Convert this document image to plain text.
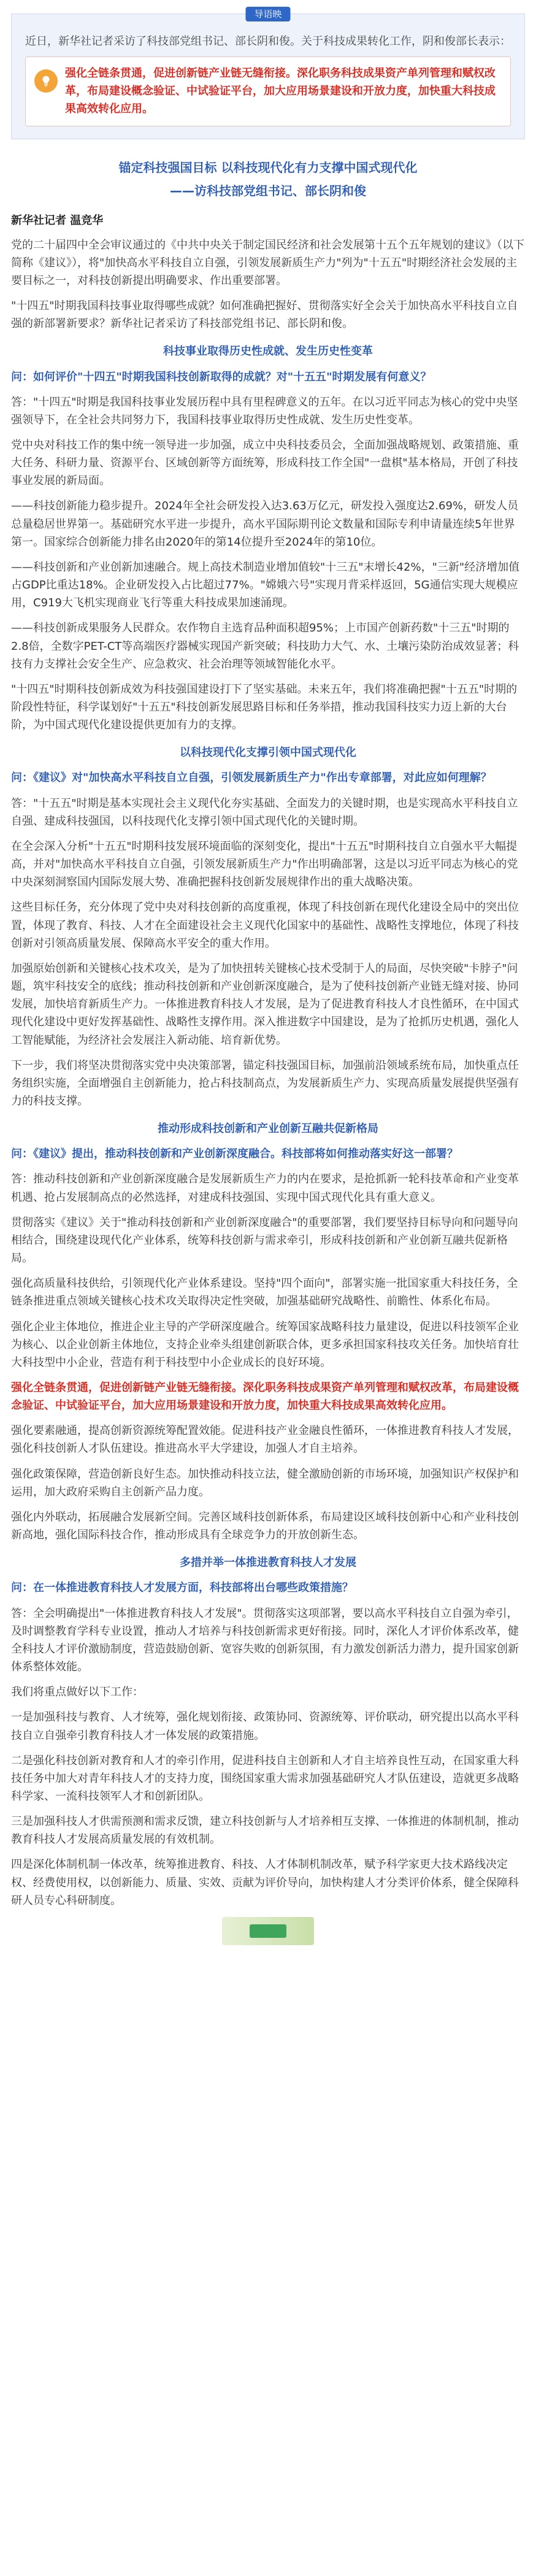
导语映

近日，新华社记者采访了科技部党组书记、部长阴和俊。关于科技成果转化工作，阴和俊部长表示：

强化全链条贯通，促进创新链产业链无缝衔接。深化职务科技成果资产单列管理和赋权改革，布局建设概念验证、中试验证平台，加大应用场景建设和开放力度，加快重大科技成果高效转化应用。

锚定科技强国目标 以科技现代化有力支撑中国式现代化
——访科技部党组书记、部长阴和俊

新华社记者 温竞华

党的二十届四中全会审议通过的《中共中央关于制定国民经济和社会发展第十五个五年规划的建议》（以下简称《建议》），将"加快高水平科技自立自强，引领发展新质生产力"列为"十五五"时期经济社会发展的主要目标之一，对科技创新提出明确要求、作出重要部署。

"十四五"时期我国科技事业取得哪些成就？如何准确把握好、贯彻落实好全会关于加快高水平科技自立自强的新部署新要求？新华社记者采访了科技部党组书记、部长阴和俊。

科技事业取得历史性成就、发生历史性变革

问：如何评价"十四五"时期我国科技创新取得的成就？对"十五五"时期发展有何意义？

答："十四五"时期是我国科技事业发展历程中具有里程碑意义的五年。在以习近平同志为核心的党中央坚强领导下，在全社会共同努力下，我国科技事业取得历史性成就、发生历史性变革。

党中央对科技工作的集中统一领导进一步加强，成立中央科技委员会，全面加强战略规划、政策措施、重大任务、科研力量、资源平台、区域创新等方面统筹，形成科技工作全国"一盘棋"基本格局，开创了科技事业发展的新局面。

——科技创新能力稳步提升。2024年全社会研发投入达3.63万亿元，研发投入强度达2.69%，研发人员总量稳居世界第一。基础研究水平进一步提升，高水平国际期刊论文数量和国际专利申请量连续5年世界第一。国家综合创新能力排名由2020年的第14位提升至2024年的第10位。

——科技创新和产业创新加速融合。规上高技术制造业增加值较"十三五"末增长42%，"三新"经济增加值占GDP比重达18%。企业研发投入占比超过77%。"嫦娥六号"实现月背采样返回，5G通信实现大规模应用，C919大飞机实现商业飞行等重大科技成果加速涌现。

——科技创新成果服务人民群众。农作物自主选育品种面积超95%；上市国产创新药数"十三五"时期的2.8倍，全数字PET-CT等高端医疗器械实现国产新突破；科技助力大气、水、土壤污染防治成效显著；科技有力支撑社会安全生产、应急救灾、社会治理等领域智能化水平。

"十四五"时期科技创新成效为科技强国建设打下了坚实基础。未来五年，我们将准确把握"十五五"时期的阶段性特征，科学谋划好"十五五"科技创新发展思路目标和任务举措，推动我国科技实力迈上新的大台阶，为中国式现代化建设提供更加有力的支撑。

以科技现代化支撑引领中国式现代化

问：《建议》对"加快高水平科技自立自强，引领发展新质生产力"作出专章部署，对此应如何理解？

答："十五五"时期是基本实现社会主义现代化夯实基础、全面发力的关键时期，也是实现高水平科技自立自强、建成科技强国，以科技现代化支撑引领中国式现代化的关键时期。

在全会深入分析"十五五"时期科技发展环境面临的深刻变化，提出"十五五"时期科技自立自强水平大幅提高，并对"加快高水平科技自立自强，引领发展新质生产力"作出明确部署，这是以习近平同志为核心的党中央深刻洞察国内国际发展大势、准确把握科技创新发展规律作出的重大战略决策。

这些目标任务，充分体现了党中央对科技创新的高度重视，体现了科技创新在现代化建设全局中的突出位置，体现了教育、科技、人才在全面建设社会主义现代化国家中的基础性、战略性支撑地位，体现了科技创新对引领高质量发展、保障高水平安全的重大作用。

加强原始创新和关键核心技术攻关，是为了加快扭转关键核心技术受制于人的局面，尽快突破"卡脖子"问题，筑牢科技安全的底线；推动科技创新和产业创新深度融合，是为了使科技创新产业链无缝对接、协同发展，加快培育新质生产力。一体推进教育科技人才发展，是为了促进教育科技人才良性循环，在中国式现代化建设中更好发挥基础性、战略性支撑作用。深入推进数字中国建设，是为了抢抓历史机遇，强化人工智能赋能，为经济社会发展注入新动能、培育新优势。

下一步，我们将坚决贯彻落实党中央决策部署，锚定科技强国目标，加强前沿领域系统布局，加快重点任务组织实施，全面增强自主创新能力，抢占科技制高点，为发展新质生产力、实现高质量发展提供坚强有力的科技支撑。

推动形成科技创新和产业创新互融共促新格局

问：《建议》提出，推动科技创新和产业创新深度融合。科技部将如何推动落实好这一部署？

答：推动科技创新和产业创新深度融合是发展新质生产力的内在要求，是抢抓新一轮科技革命和产业变革机遇、抢占发展制高点的必然选择，对建成科技强国、实现中国式现代化具有重大意义。

贯彻落实《建议》关于"推动科技创新和产业创新深度融合"的重要部署，我们要坚持目标导向和问题导向相结合，围绕建设现代化产业体系，统筹科技创新与需求牵引，形成科技创新和产业创新互融共促新格局。

强化高质量科技供给，引领现代化产业体系建设。坚持"四个面向"，部署实施一批国家重大科技任务，全链条推进重点领域关键核心技术攻关取得决定性突破，加强基础研究战略性、前瞻性、体系化布局。

强化企业主体地位，推进企业主导的产学研深度融合。统筹国家战略科技力量建设，促进以科技领军企业为核心、以企业创新主体地位，支持企业牵头组建创新联合体，更多承担国家科技攻关任务。加快培育壮大科技型中小企业，营造有利于科技型中小企业成长的良好环境。

强化全链条贯通，促进创新链产业链无缝衔接。深化职务科技成果资产单列管理和赋权改革，布局建设概念验证、中试验证平台，加大应用场景建设和开放力度，加快重大科技成果高效转化应用。

强化要素融通，提高创新资源统筹配置效能。促进科技产业金融良性循环，一体推进教育科技人才发展，强化科技创新人才队伍建设。推进高水平大学建设，加强人才自主培养。

强化政策保障，营造创新良好生态。加快推动科技立法，健全激励创新的市场环境，加强知识产权保护和运用，加大政府采购自主创新产品力度。

强化内外联动，拓展融合发展新空间。完善区域科技创新体系，布局建设区域科技创新中心和产业科技创新高地，强化国际科技合作，推动形成具有全球竞争力的开放创新生态。

多措并举一体推进教育科技人才发展

问：在一体推进教育科技人才发展方面，科技部将出台哪些政策措施？

答：全会明确提出"一体推进教育科技人才发展"。贯彻落实这项部署，要以高水平科技自立自强为牵引，及时调整教育学科专业设置，推动人才培养与科技创新需求更好衔接。同时，深化人才评价体系改革，健全科技人才评价激励制度，营造鼓励创新、宽容失败的创新氛围，有力激发创新活力潜力，提升国家创新体系整体效能。

我们将重点做好以下工作：

一是加强科技与教育、人才统筹，强化规划衔接、政策协同、资源统筹、评价联动，研究提出以高水平科技自立自强牵引教育科技人才一体发展的政策措施。

二是强化科技创新对教育和人才的牵引作用，促进科技自主创新和人才自主培养良性互动，在国家重大科技任务中加大对青年科技人才的支持力度，围绕国家重大需求加强基础研究人才队伍建设，造就更多战略科学家、一流科技领军人才和创新团队。

三是加强科技人才供需预测和需求反馈，建立科技创新与人才培养相互支撑、一体推进的体制机制，推动教育科技人才发展高质量发展的有效机制。

四是深化体制机制一体改革，统筹推进教育、科技、人才体制机制改革，赋予科学家更大技术路线决定权、经费使用权，以创新能力、质量、实效、贡献为评价导向，加快构建人才分类评价体系，健全保障科研人员专心科研制度。
